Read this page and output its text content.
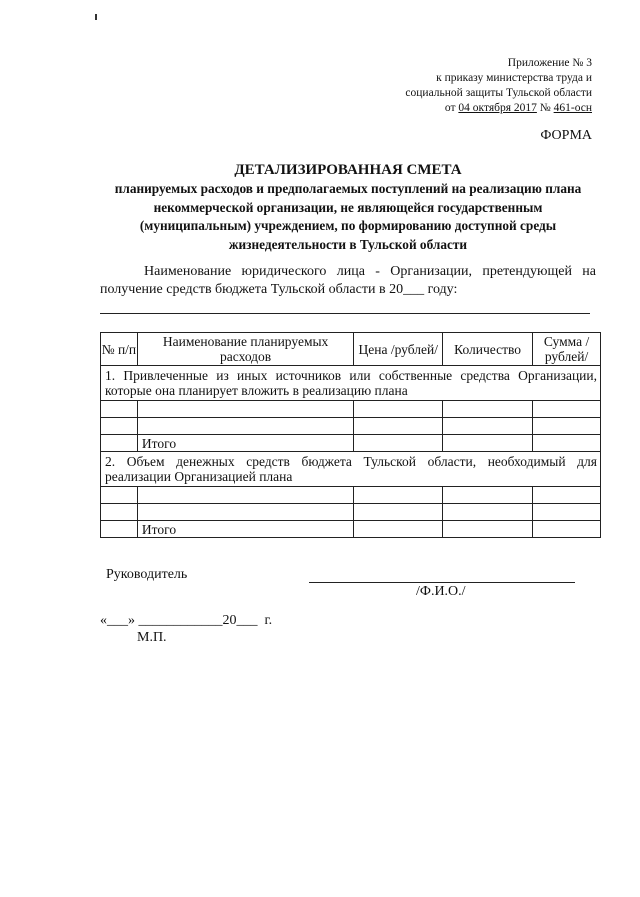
Приложение № 3
к приказу министерства труда и
социальной защиты Тульской области
от 04 октября 2017 № 461-осн
ФОРМА
ДЕТАЛИЗИРОВАННАЯ СМЕТА
планируемых расходов и предполагаемых поступлений на реализацию плана некоммерческой организации, не являющейся государственным (муниципальным) учреждением, по формированию доступной среды жизнедеятельности в Тульской области
Наименование юридического лица - Организации, претендующей на получение средств бюджета Тульской области в 20___ году:
№ п/п	Наименование планируемых расходов	Цена /рублей/	Количество	Сумма /рублей/
1. Привлеченные из иных источников или собственные средства Организации, которые она планирует вложить в реализацию плана				

	Итого			
2. Объем денежных средств бюджета Тульской области, необходимый для реализации Организацией плана				

	Итого			
Руководитель
/Ф.И.О./
«___» ____________20___  г.
М.П.
